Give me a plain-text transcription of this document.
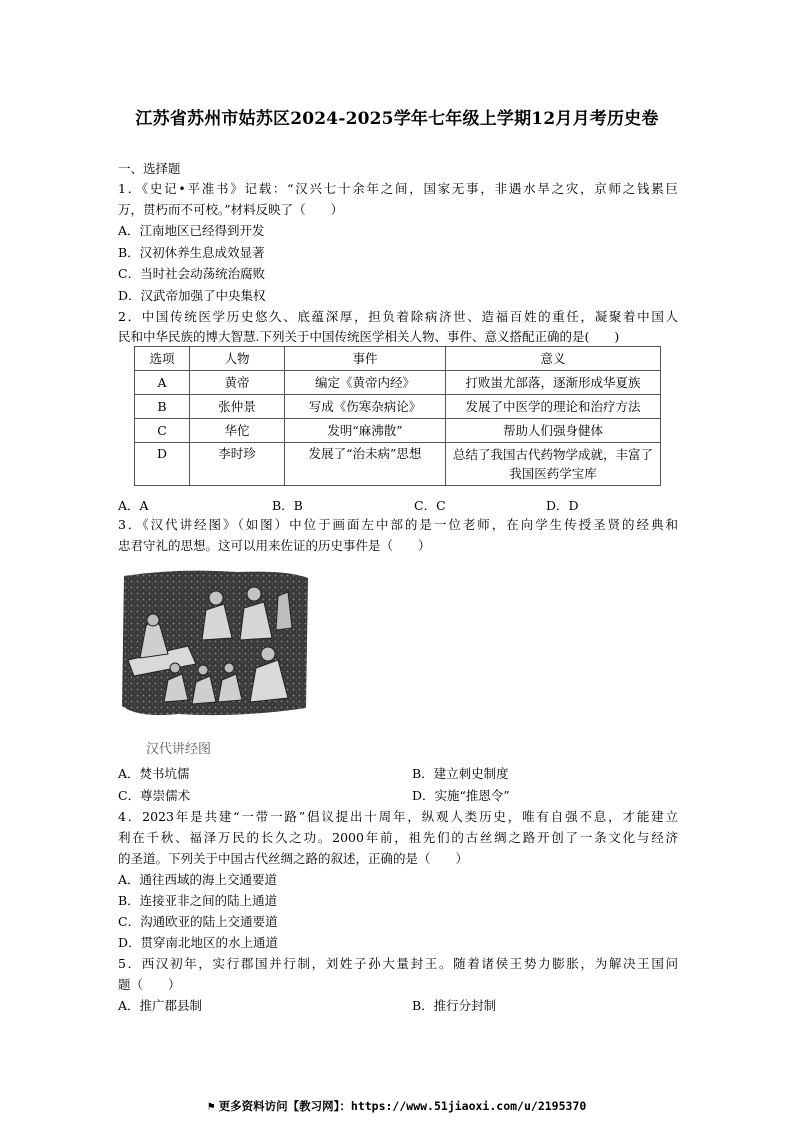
江苏省苏州市姑苏区2024-2025学年七年级上学期12月月考历史卷
一、选择题
1．《史记•平准书》记载：“汉兴七十余年之间，国家无事，非遇水旱之灾，京师之钱累巨
万，贯朽而不可校。”材料反映了（　　）
A．江南地区已经得到开发
B．汉初休养生息成效显著
C．当时社会动荡统治腐败
D．汉武帝加强了中央集权
2．中国传统医学历史悠久、底蕴深厚，担负着除病济世、造福百姓的重任，凝聚着中国人
民和中华民族的博大智慧.下列关于中国传统医学相关人物、事件、意义搭配正确的是(　　)
选项	人物	事件	意义
A	黄帝	编定《黄帝内经》	打败蚩尤部落，逐渐形成华夏族
B	张仲景	写成《伤寒杂病论》	发展了中医学的理论和治疗方法
C	华佗	发明“麻沸散”	帮助人们强身健体
D	李时珍	发展了“治未病”思想	总结了我国古代药物学成就，丰富了我国医药学宝库
A．A	B．B	C．C	D．D
3．《汉代讲经图》（如图）中位于画面左中部的是一位老师，在向学生传授圣贤的经典和
忠君守礼的思想。这可以用来佐证的历史事件是（　　）
汉代讲经图
A．焚书坑儒	B．建立刺史制度
C．尊崇儒术	D．实施“推恩令”
4．2023年是共建“一带一路”倡议提出十周年，纵观人类历史，唯有自强不息，才能建立
利在千秋、福泽万民的长久之功。2000年前，祖先们的古丝绸之路开创了一条文化与经济
的圣道。下列关于中国古代丝绸之路的叙述，正确的是（　　）
A．通往西域的海上交通要道
B．连接亚非之间的陆上通道
C．沟通欧亚的陆上交通要道
D．贯穿南北地区的水上通道
5．西汉初年，实行郡国并行制，刘姓子孙大量封王。随着诸侯王势力膨胀，为解决王国问
题（　　）
A．推广郡县制	B．推行分封制
⚑ 更多资料访问【教习网】：https://www.51jiaoxi.com/u/2195370
